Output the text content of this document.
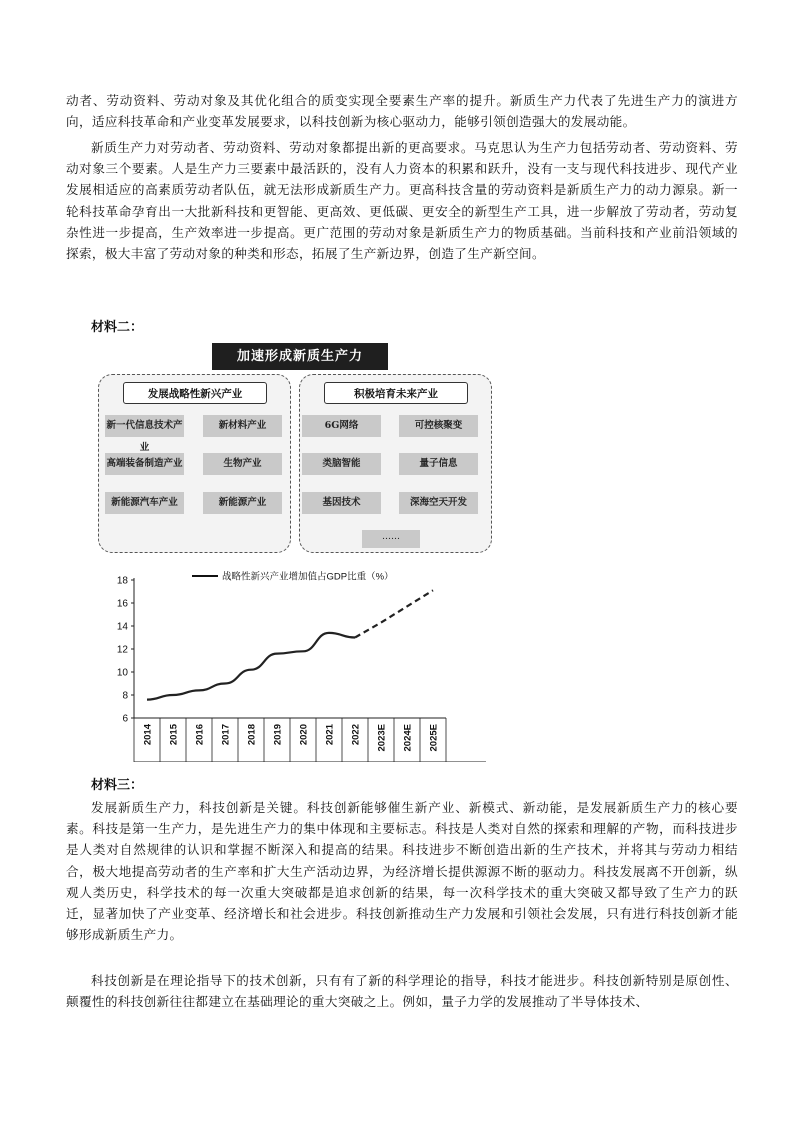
动者、劳动资料、劳动对象及其优化组合的质变实现全要素生产率的提升。新质生产力代表了先进生产力的演进方向，适应科技革命和产业变革发展要求，以科技创新为核心驱动力，能够引领创造强大的发展动能。

新质生产力对劳动者、劳动资料、劳动对象都提出新的更高要求。马克思认为生产力包括劳动者、劳动资料、劳动对象三个要素。人是生产力三要素中最活跃的，没有人力资本的积累和跃升，没有一支与现代科技进步、现代产业发展相适应的高素质劳动者队伍，就无法形成新质生产力。更高科技含量的劳动资料是新质生产力的动力源泉。新一轮科技革命孕育出一大批新科技和更智能、更高效、更低碳、更安全的新型生产工具，进一步解放了劳动者，劳动复杂性进一步提高，生产效率进一步提高。更广范围的劳动对象是新质生产力的物质基础。当前科技和产业前沿领域的探索，极大丰富了劳动对象的种类和形态，拓展了生产新边界，创造了生产新空间。

材料二：
加速形成新质生产力
发展战略性新兴产业
新一代信息技术产业
新材料产业
高端装备制造产业	生物产业
新能源汽车产业	新能源产业
积极培育未来产业
6G网络	可控核聚变
类脑智能	量子信息
基因技术	深海空天开发
……
6
8
10
12
14
16
18
2014 2015 2016 2017 2018 2019 2020 2021 2022 2023E 2024E 2025E
战略性新兴产业增加值占GDP比重（%）
材料三：

发展新质生产力，科技创新是关键。科技创新能够催生新产业、新模式、新动能，是发展新质生产力的核心要素。科技是第一生产力，是先进生产力的集中体现和主要标志。科技是人类对自然的探索和理解的产物，而科技进步是人类对自然规律的认识和掌握不断深入和提高的结果。科技进步不断创造出新的生产技术，并将其与劳动力相结合，极大地提高劳动者的生产率和扩大生产活动边界，为经济增长提供源源不断的驱动力。科技发展离不开创新，纵观人类历史，科学技术的每一次重大突破都是追求创新的结果，每一次科学技术的重大突破又都导致了生产力的跃迁，显著加快了产业变革、经济增长和社会进步。科技创新推动生产力发展和引领社会发展，只有进行科技创新才能够形成新质生产力。

科技创新是在理论指导下的技术创新，只有有了新的科学理论的指导，科技才能进步。科技创新特别是原创性、颠覆性的科技创新往往都建立在基础理论的重大突破之上。例如，量子力学的发展推动了半导体技术、
